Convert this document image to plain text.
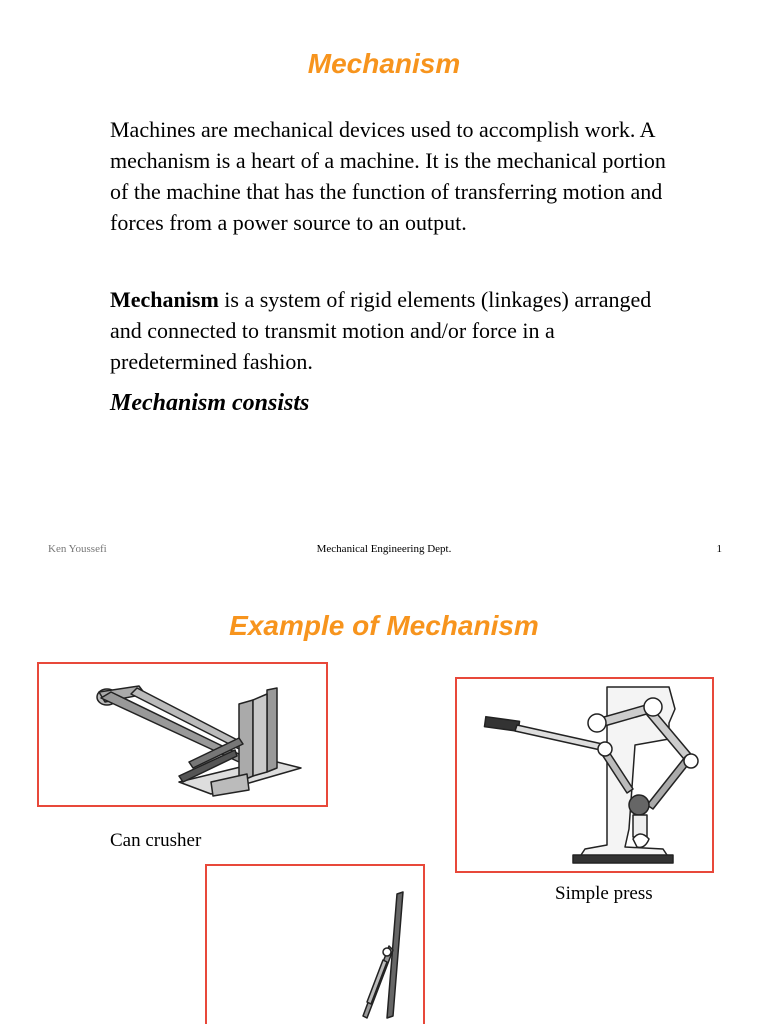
Mechanism

Machines are mechanical devices used to accomplish work. A mechanism is a heart of a machine. It is the mechanical portion of the machine that has the function of transferring motion and forces from a power source to an output.

Mechanism is a system of rigid elements (linkages) arranged and connected to transmit motion and/or force in a predetermined fashion.

Mechanism consists
Ken Youssefi	Mechanical Engineering Dept.	1
Example of Mechanism
Can crusher
Simple press
